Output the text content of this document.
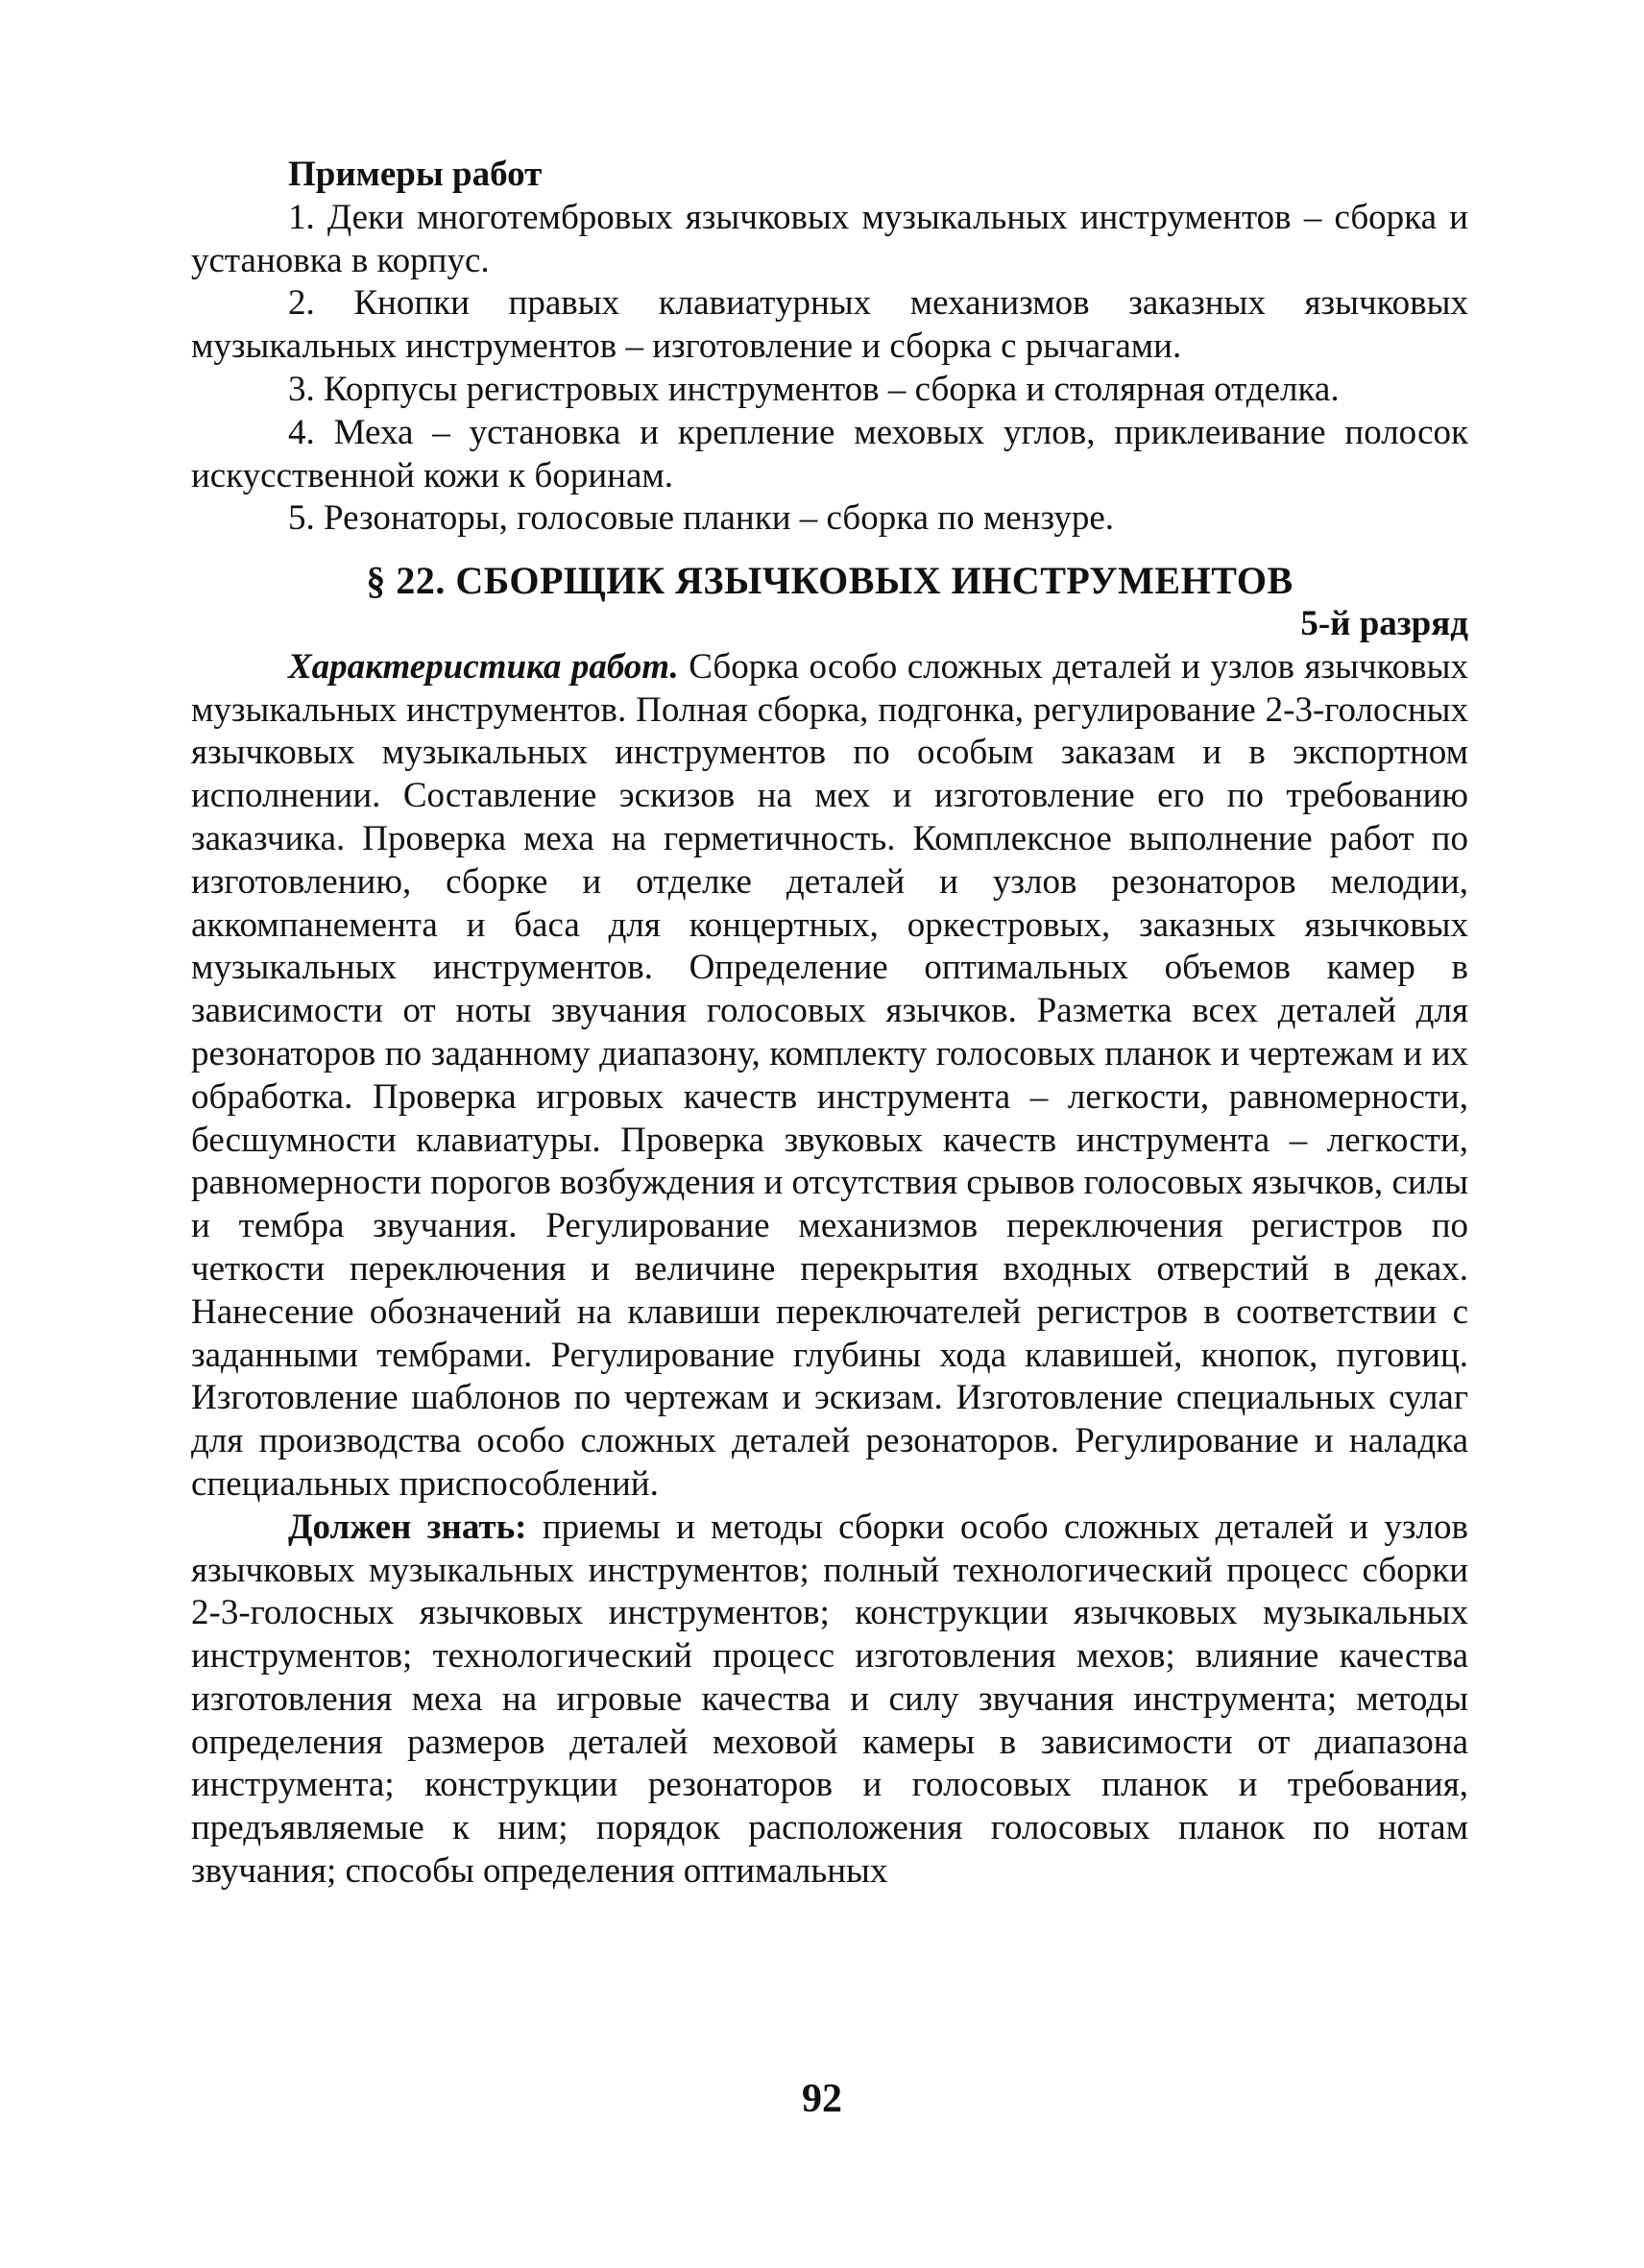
Примеры работ

1. Деки многотембровых язычковых музыкальных инструментов – сборка и установка в корпус.

2. Кнопки правых клавиатурных механизмов заказных язычковых музыкальных инструментов – изготовление и сборка с рычагами.

3. Корпусы регистровых инструментов – сборка и столярная отделка.

4. Меха – установка и крепление меховых углов, приклеивание полосок искусственной кожи к боринам.

5. Резонаторы, голосовые планки – сборка по мензуре.

§ 22. СБОРЩИК ЯЗЫЧКОВЫХ ИНСТРУМЕНТОВ
5-й разряд

Характеристика работ. Сборка особо сложных деталей и узлов язычковых музыкальных инструментов. Полная сборка, подгонка, регулирование 2-3-голосных язычковых музыкальных инструментов по особым заказам и в экспортном исполнении. Составление эскизов на мех и изготовление его по требованию заказчика. Проверка меха на герметичность. Комплексное выполнение работ по изготовлению, сборке и отделке деталей и узлов резонаторов мелодии, аккомпанемента и баса для концертных, оркестровых, заказных язычковых музыкальных инструментов. Определение оптимальных объемов камер в зависимости от ноты звучания голосовых язычков. Разметка всех деталей для резонаторов по заданному диапазону, комплекту голосовых планок и чертежам и их обработка. Проверка игровых качеств инструмента – легкости, равномерности, бесшумности клавиатуры. Проверка звуковых качеств инструмента – легкости, равномерности порогов возбуждения и отсутствия срывов голосовых язычков, силы и тембра звучания. Регулирование механизмов переключения регистров по четкости переключения и величине перекрытия входных отверстий в деках. Нанесение обозначений на клавиши переключателей регистров в соответствии с заданными тембрами. Регулирование глубины хода клавишей, кнопок, пуговиц. Изготовление шаблонов по чертежам и эскизам. Изготовление специальных сулаг для производства особо сложных деталей резонаторов. Регулирование и наладка специальных приспособлений.

Должен знать: приемы и методы сборки особо сложных деталей и узлов язычковых музыкальных инструментов; полный технологический процесс сборки 2-3-голосных язычковых инструментов; конструкции язычковых музыкальных инструментов; технологический процесс изготовления мехов; влияние качества изготовления меха на игровые качества и силу звучания инструмента; методы определения размеров деталей меховой камеры в зависимости от диапазона инструмента; конструкции резонаторов и голосовых планок и требования, предъявляемые к ним; порядок расположения голосовых планок по нотам звучания; способы определения оптимальных

92
